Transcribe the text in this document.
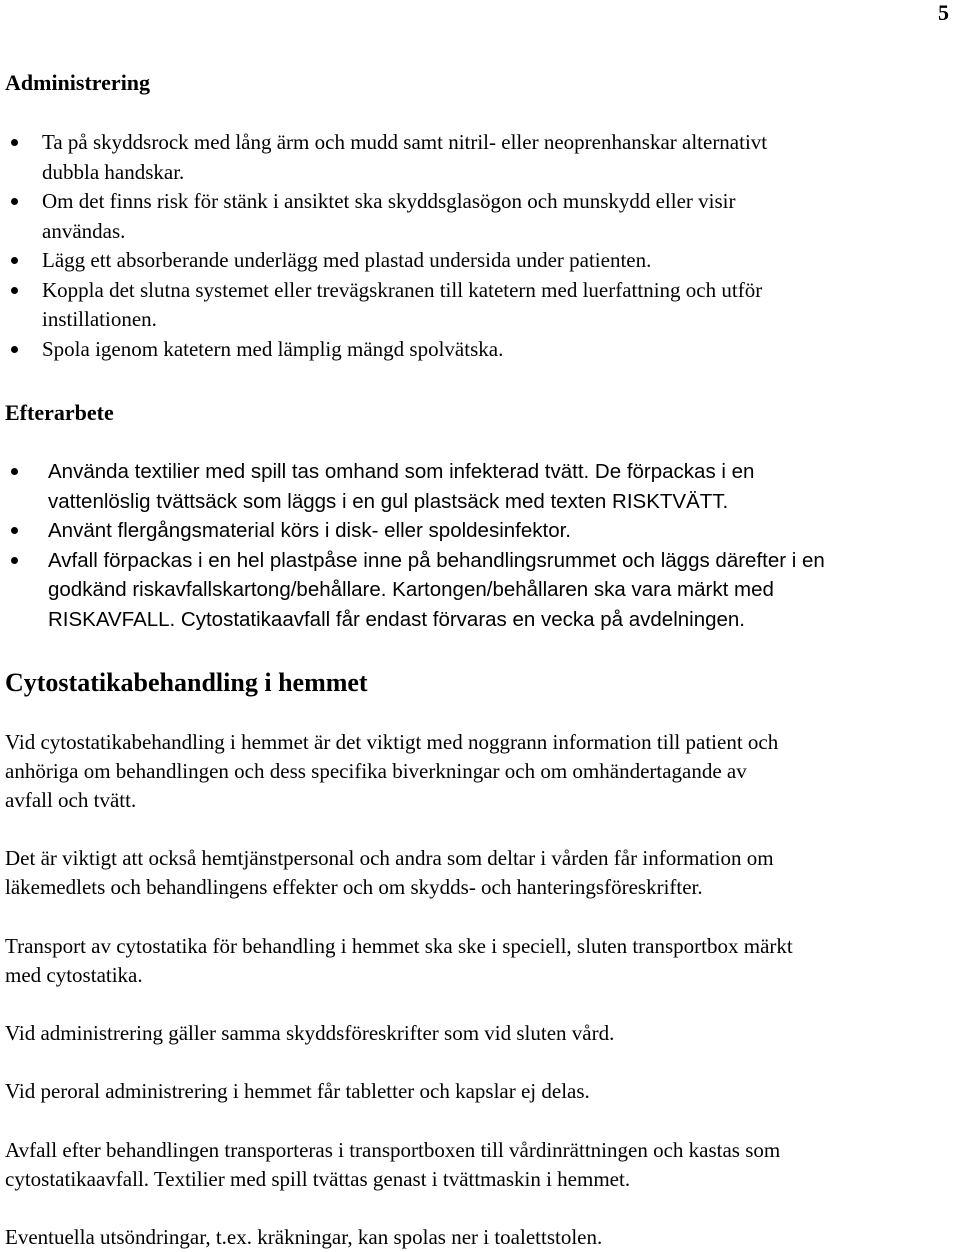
5
Administrering
Ta på skyddsrock med lång ärm och mudd samt nitril- eller neoprenhanskar alternativt
dubbla handskar.
Om det finns risk för stänk i ansiktet ska skyddsglasögon och munskydd eller visir
användas.
Lägg ett absorberande underlägg med plastad undersida under patienten.
Koppla det slutna systemet eller trevägskranen till katetern med luerfattning och utför
instillationen.
Spola igenom katetern med lämplig mängd spolvätska.
Efterarbete
Använda textilier med spill tas omhand som infekterad tvätt. De förpackas i en
vattenlöslig tvättsäck som läggs i en gul plastsäck med texten RISKTVÄTT.
Använt flergångsmaterial körs i disk- eller spoldesinfektor.
Avfall förpackas i en hel plastpåse inne på behandlingsrummet och läggs därefter i en
godkänd riskavfallskartong/behållare. Kartongen/behållaren ska vara märkt med
RISKAVFALL. Cytostatikaavfall får endast förvaras en vecka på avdelningen.
Cytostatikabehandling i hemmet
Vid cytostatikabehandling i hemmet är det viktigt med noggrann information till patient och
anhöriga om behandlingen och dess specifika biverkningar och om omhändertagande av
avfall och tvätt.
Det är viktigt att också hemtjänstpersonal och andra som deltar i vården får information om
läkemedlets och behandlingens effekter och om skydds- och hanteringsföreskrifter.
Transport av cytostatika för behandling i hemmet ska ske i speciell, sluten transportbox märkt
med cytostatika.
Vid administrering gäller samma skyddsföreskrifter som vid sluten vård.
Vid peroral administrering i hemmet får tabletter och kapslar ej delas.
Avfall efter behandlingen transporteras i transportboxen till vårdinrättningen och kastas som
cytostatikaavfall. Textilier med spill tvättas genast i tvättmaskin i hemmet.
Eventuella utsöndringar, t.ex. kräkningar, kan spolas ner i toalettstolen.
